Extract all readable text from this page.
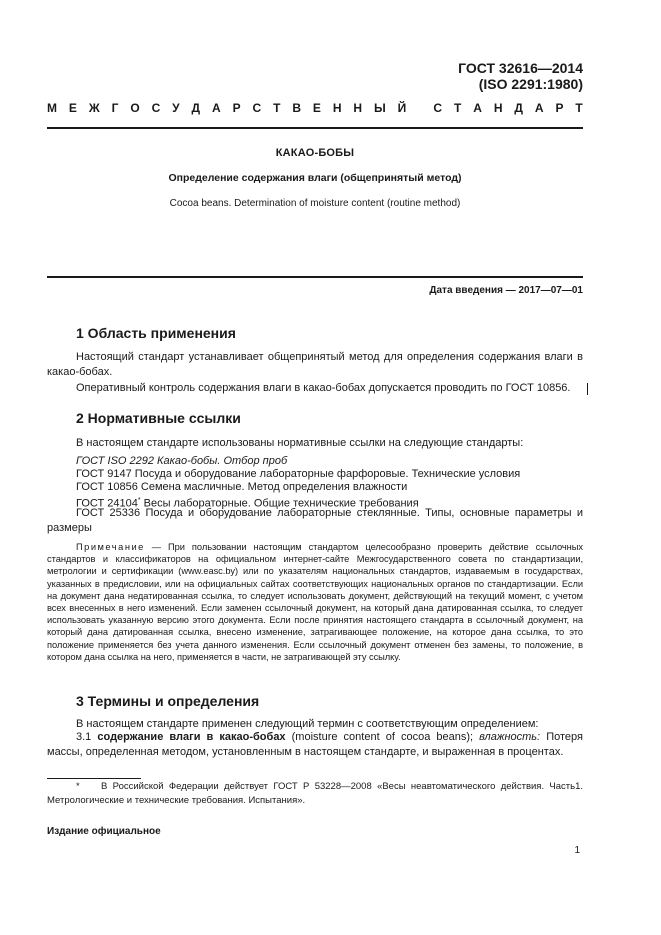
ГОСТ 32616—2014
(ISO 2291:1980)
М Е Ж Г О С У Д А Р С Т В Е Н Н Ы Й
С Т А Н Д А Р Т
КАКАО-БОБЫ
Определение содержания влаги (общепринятый метод)
Cocoa beans. Determination of moisture content (routine method)
Дата введения — 2017—07—01
1 Область применения
Настоящий стандарт устанавливает общепринятый метод для определения содержания влаги в какао-бобах.
Оперативный контроль содержания влаги в какао-бобах допускается проводить по ГОСТ 10856.
2 Нормативные ссылки
В настоящем стандарте использованы нормативные ссылки на следующие стандарты:
ГОСТ ISO 2292 Какао-бобы. Отбор проб
ГОСТ 9147 Посуда и оборудование лабораторные фарфоровые. Технические условия
ГОСТ 10856 Семена масличные. Метод определения влажности
ГОСТ 24104* Весы лабораторные. Общие технические требования
ГОСТ 25336 Посуда и оборудование лабораторные стеклянные. Типы, основные параметры и размеры
Примечание — При пользовании настоящим стандартом целесообразно проверить действие ссылочных стандартов и классификаторов на официальном интернет-сайте Межгосударственного совета по стандартизации, метрологии и сертификации (www.easc.by) или по указателям национальных стандартов, издаваемым в государствах, указанных в предисловии, или на официальных сайтах соответствующих национальных органов по стандартизации. Если на документ дана недатированная ссылка, то следует использовать документ, действующий на текущий момент, с учетом всех внесенных в него изменений. Если заменен ссылочный документ, на который дана датированная ссылка, то следует использовать указанную версию этого документа. Если после принятия настоящего стандарта в ссылочный документ, на который дана датированная ссылка, внесено изменение, затрагивающее положение, на которое дана ссылка, то это положение применяется без учета данного изменения. Если ссылочный документ отменен без замены, то положение, в котором дана ссылка на него, применяется в части, не затрагивающей эту ссылку.
3 Термины и определения
В настоящем стандарте применен следующий термин с соответствующим определением:
3.1 содержание влаги в какао-бобах (moisture content of cocoa beans); влажность: Потеря массы, определенная методом, установленным в настоящем стандарте, и выраженная в процентах.
* В Российской Федерации действует ГОСТ Р 53228—2008 «Весы неавтоматического действия. Часть1. Метрологические и технические требования. Испытания».
Издание официальное
1
